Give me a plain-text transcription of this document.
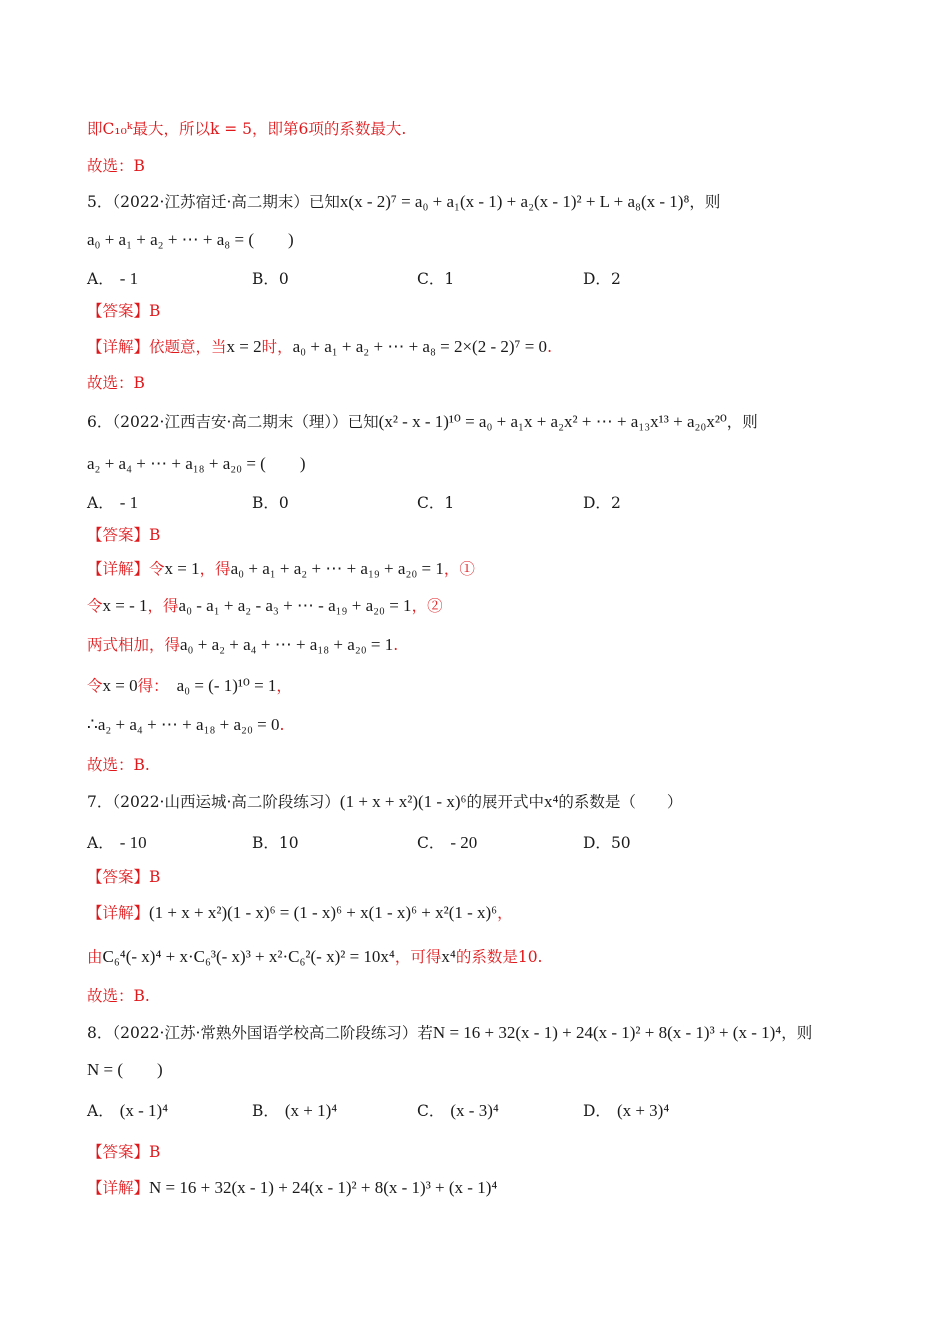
即C₁₀ᵏ最大，所以k = 5，即第6项的系数最大.
故选：B
5．（2022·江苏宿迁·高二期末）已知x(x - 2)⁷ = a₀ + a₁(x - 1) + a₂(x - 1)² + L + a₈(x - 1)⁸，则
a₀ + a₁ + a₂ + ⋯ + a₈ = (　　)
A． - 1	B．0	C．1	D．2
【答案】B
【详解】依题意，当x = 2时，a₀ + a₁ + a₂ + ⋯ + a₈ = 2×(2 - 2)⁷ = 0.
故选：B
6．（2022·江西吉安·高二期末（理））已知(x² - x - 1)¹⁰ = a₀ + a₁x + a₂x² + ⋯ + a₁₃x¹³ + a₂₀x²⁰，则
a₂ + a₄ + ⋯ + a₁₈ + a₂₀ = (　　)
A． - 1	B．0	C．1	D．2
【答案】B
【详解】令x = 1，得a₀ + a₁ + a₂ + ⋯ + a₁₉ + a₂₀ = 1，①
令x = - 1，得a₀ - a₁ + a₂ - a₃ + ⋯ - a₁₉ + a₂₀ = 1，②
两式相加，得a₀ + a₂ + a₄ + ⋯ + a₁₈ + a₂₀ = 1.
令x = 0得： a₀ = (- 1)¹⁰ = 1，
∴a₂ + a₄ + ⋯ + a₁₈ + a₂₀ = 0.
故选：B.
7．（2022·山西运城·高二阶段练习）(1 + x + x²)(1 - x)⁶的展开式中x⁴的系数是（　　）
A． - 10	B．10	C． - 20	D．50
【答案】B
【详解】(1 + x + x²)(1 - x)⁶ = (1 - x)⁶ + x(1 - x)⁶ + x²(1 - x)⁶，
由C₆⁴(- x)⁴ + x·C₆³(- x)³ + x²·C₆²(- x)² = 10x⁴，可得x⁴的系数是10.
故选：B.
8．（2022·江苏·常熟外国语学校高二阶段练习）若N = 16 + 32(x - 1) + 24(x - 1)² + 8(x - 1)³ + (x - 1)⁴，则
N = (　　)
A． (x - 1)⁴	B． (x + 1)⁴	C． (x - 3)⁴	D． (x + 3)⁴
【答案】B
【详解】N = 16 + 32(x - 1) + 24(x - 1)² + 8(x - 1)³ + (x - 1)⁴
